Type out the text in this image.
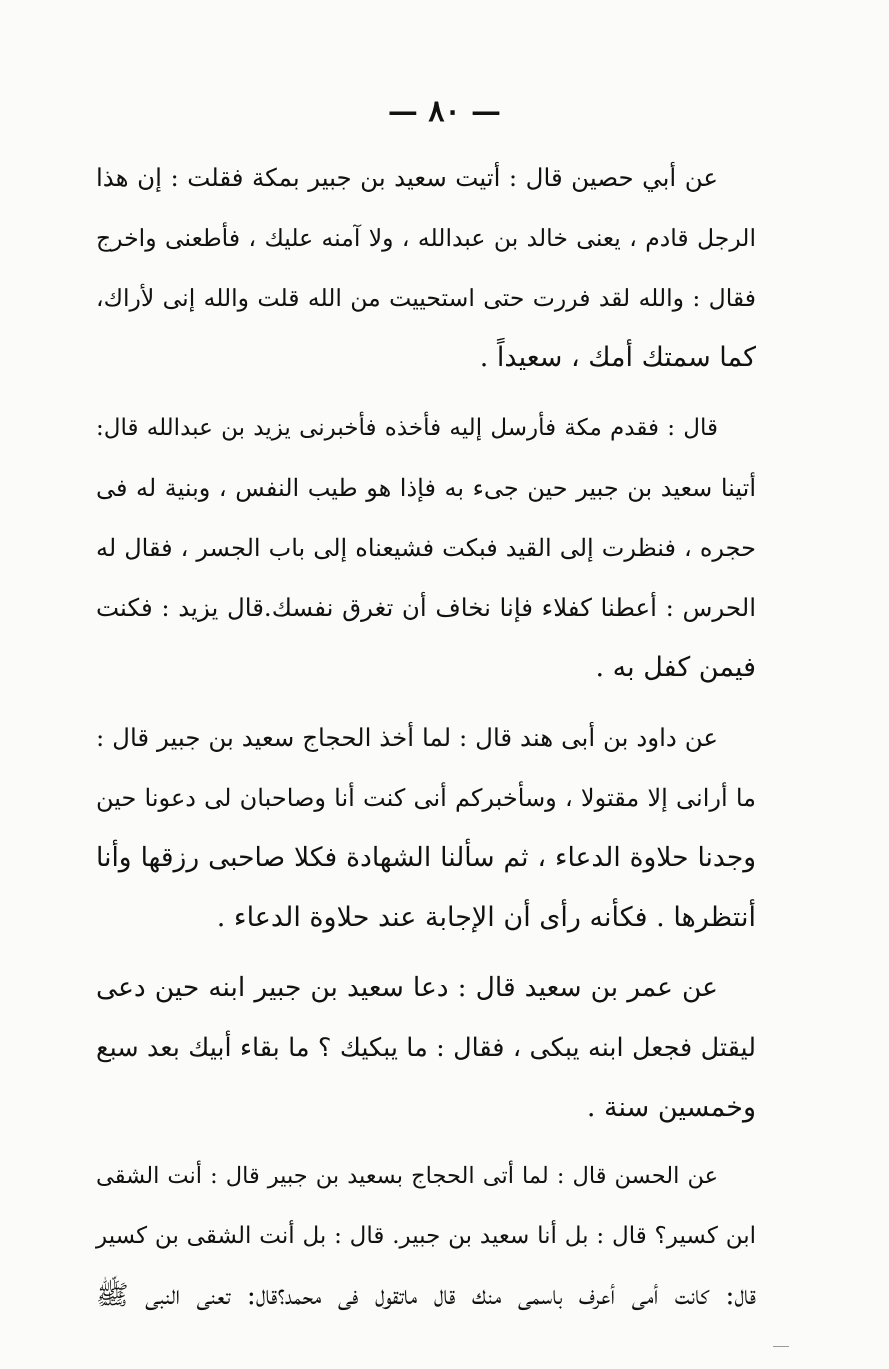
— ٨٠ —
عن أبي حصين قال : أتيت سعيد بن جبير بمكة فقلت : إن هذا
الرجل قادم ، يعنى خالد بن عبدالله ، ولا آمنه عليك ، فأطعنى واخرج
فقال : والله لقد فررت حتى استحييت من الله قلت والله إنى لأراك،
كما سمتك أمك ، سعيداً .
قال : فقدم مكة فأرسل إليه فأخذه فأخبرنى يزيد بن عبدالله قال:
أتينا سعيد بن جبير حين جىء به فإذا هو طيب النفس ، وبنية له فى
حجره ، فنظرت إلى القيد فبكت فشيعناه إلى باب الجسر ، فقال له
الحرس : أعطنا كفلاء فإنا نخاف أن تغرق نفسك.قال يزيد : فكنت
فيمن كفل به .
عن داود بن أبى هند قال : لما أخذ الحجاج سعيد بن جبير قال :
ما أرانى إلا مقتولا ، وسأخبركم أنى كنت أنا وصاحبان لى دعونا حين
وجدنا حلاوة الدعاء ، ثم سألنا الشهادة فكلا صاحبى رزقها وأنا
أنتظرها . فكأنه رأى أن الإجابة عند حلاوة الدعاء .
عن عمر بن سعيد قال : دعا سعيد بن جبير ابنه حين دعى
ليقتل فجعل ابنه يبكى ، فقال : ما يبكيك ؟ ما بقاء أبيك بعد سبع
وخمسين سنة .
عن الحسن قال : لما أتى الحجاج بسعيد بن جبير قال : أنت الشقى
ابن كسير؟ قال : بل أنا سعيد بن جبير. قال : بل أنت الشقى بن كسير
قال: كانت أمى أعرف باسمى منك قال ماتقول فى محمد؟قال: تعنى النبى ﷺ
